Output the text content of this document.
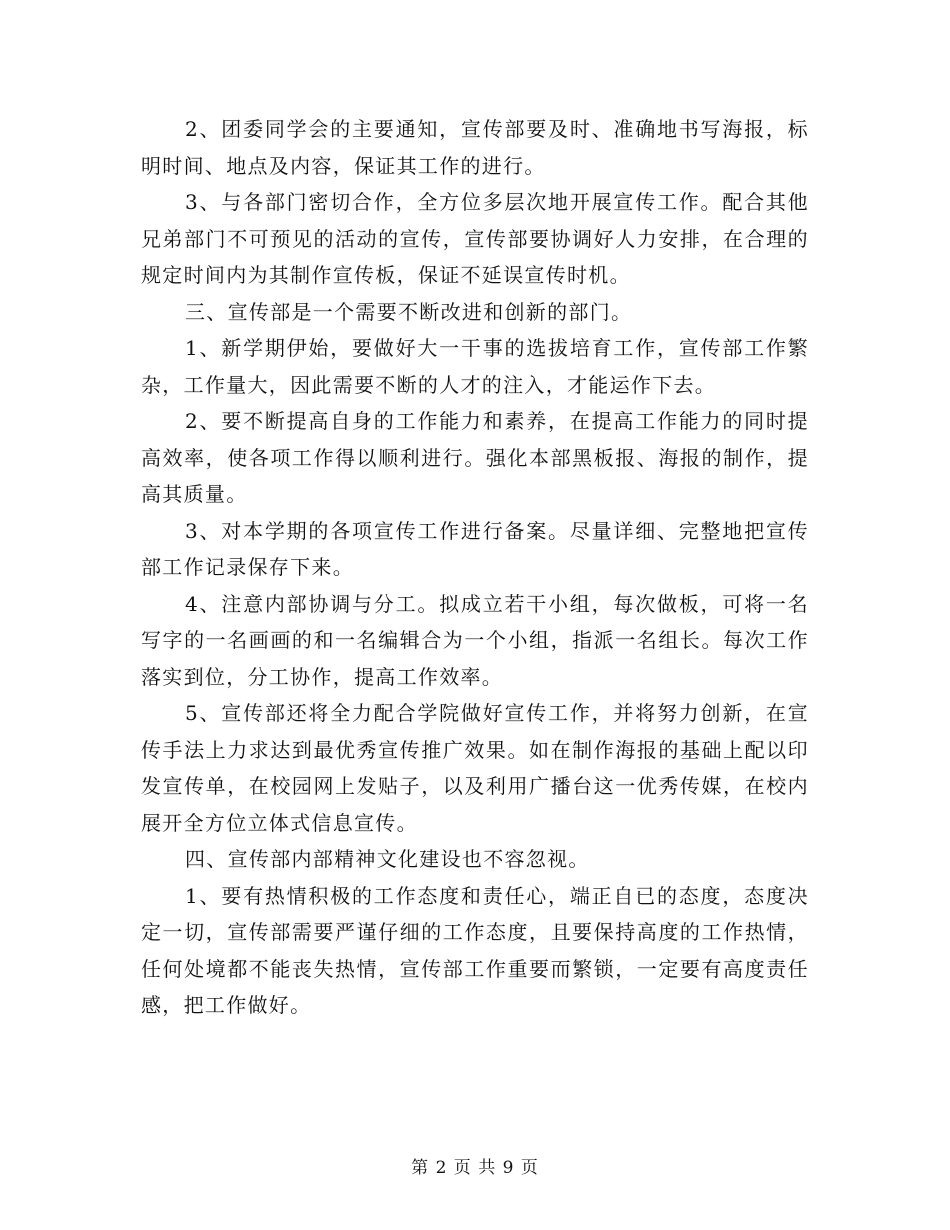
2、团委同学会的主要通知，宣传部要及时、准确地书写海报，标明时间、地点及内容，保证其工作的进行。

3、与各部门密切合作，全方位多层次地开展宣传工作。配合其他兄弟部门不可预见的活动的宣传，宣传部要协调好人力安排，在合理的规定时间内为其制作宣传板，保证不延误宣传时机。

三、宣传部是一个需要不断改进和创新的部门。

1、新学期伊始，要做好大一干事的选拔培育工作，宣传部工作繁杂，工作量大，因此需要不断的人才的注入，才能运作下去。

2、要不断提高自身的工作能力和素养，在提高工作能力的同时提高效率，使各项工作得以顺利进行。强化本部黑板报、海报的制作，提高其质量。

3、对本学期的各项宣传工作进行备案。尽量详细、完整地把宣传部工作记录保存下来。

4、注意内部协调与分工。拟成立若干小组，每次做板，可将一名写字的一名画画的和一名编辑合为一个小组，指派一名组长。每次工作落实到位，分工协作，提高工作效率。

5、宣传部还将全力配合学院做好宣传工作，并将努力创新，在宣传手法上力求达到最优秀宣传推广效果。如在制作海报的基础上配以印发宣传单，在校园网上发贴子，以及利用广播台这一优秀传媒，在校内展开全方位立体式信息宣传。

四、宣传部内部精神文化建设也不容忽视。

1、要有热情积极的工作态度和责任心，端正自已的态度，态度决定一切，宣传部需要严谨仔细的工作态度，且要保持高度的工作热情，任何处境都不能丧失热情，宣传部工作重要而繁锁，一定要有高度责任感，把工作做好。

第 2 页 共 9 页
